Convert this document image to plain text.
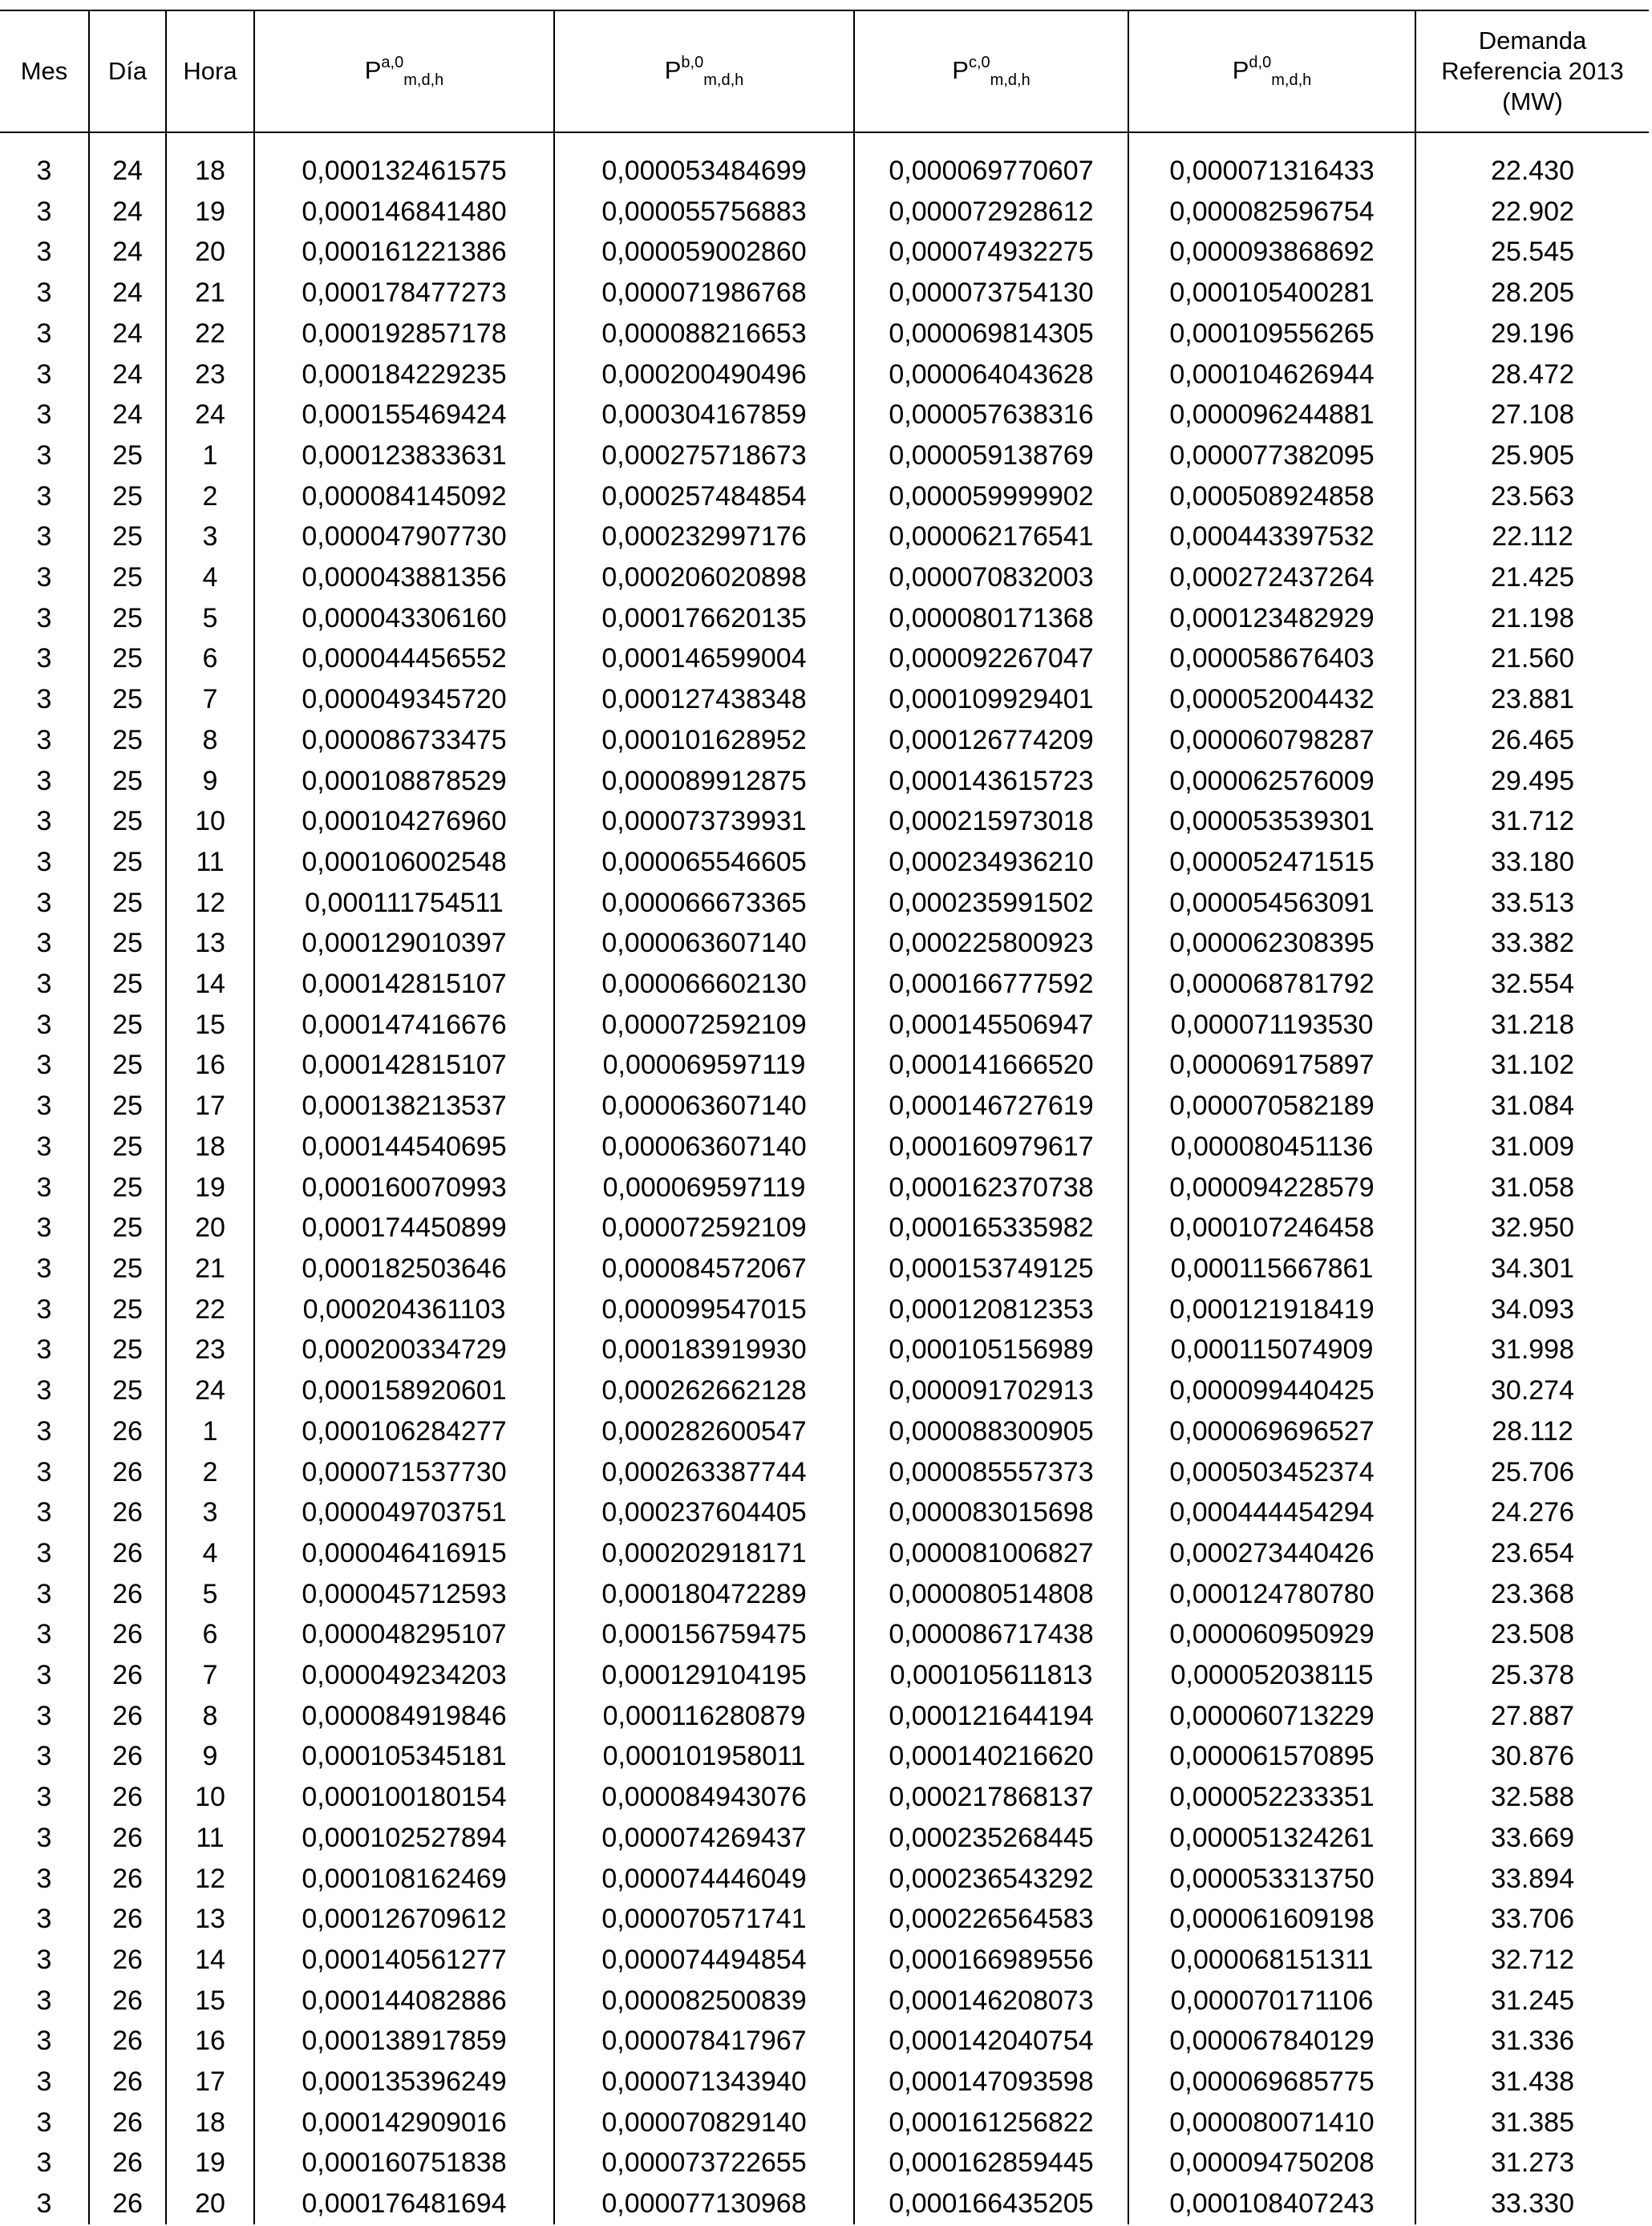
Mes	Día	Hora	P$^{a,0}_{m,d,h}$	P$^{b,0}_{m,d,h}$	P$^{c,0}_{m,d,h}$	P$^{d,0}_{m,d,h}$	Demanda
Referencia 2013
(MW)
3	24	18	0,000132461575	0,000053484699	0,000069770607	0,000071316433	22.430
3	24	19	0,000146841480	0,000055756883	0,000072928612	0,000082596754	22.902
3	24	20	0,000161221386	0,000059002860	0,000074932275	0,000093868692	25.545
3	24	21	0,000178477273	0,000071986768	0,000073754130	0,000105400281	28.205
3	24	22	0,000192857178	0,000088216653	0,000069814305	0,000109556265	29.196
3	24	23	0,000184229235	0,000200490496	0,000064043628	0,000104626944	28.472
3	24	24	0,000155469424	0,000304167859	0,000057638316	0,000096244881	27.108
3	25	1	0,000123833631	0,000275718673	0,000059138769	0,000077382095	25.905
3	25	2	0,000084145092	0,000257484854	0,000059999902	0,000508924858	23.563
3	25	3	0,000047907730	0,000232997176	0,000062176541	0,000443397532	22.112
3	25	4	0,000043881356	0,000206020898	0,000070832003	0,000272437264	21.425
3	25	5	0,000043306160	0,000176620135	0,000080171368	0,000123482929	21.198
3	25	6	0,000044456552	0,000146599004	0,000092267047	0,000058676403	21.560
3	25	7	0,000049345720	0,000127438348	0,000109929401	0,000052004432	23.881
3	25	8	0,000086733475	0,000101628952	0,000126774209	0,000060798287	26.465
3	25	9	0,000108878529	0,000089912875	0,000143615723	0,000062576009	29.495
3	25	10	0,000104276960	0,000073739931	0,000215973018	0,000053539301	31.712
3	25	11	0,000106002548	0,000065546605	0,000234936210	0,000052471515	33.180
3	25	12	0,000111754511	0,000066673365	0,000235991502	0,000054563091	33.513
3	25	13	0,000129010397	0,000063607140	0,000225800923	0,000062308395	33.382
3	25	14	0,000142815107	0,000066602130	0,000166777592	0,000068781792	32.554
3	25	15	0,000147416676	0,000072592109	0,000145506947	0,000071193530	31.218
3	25	16	0,000142815107	0,000069597119	0,000141666520	0,000069175897	31.102
3	25	17	0,000138213537	0,000063607140	0,000146727619	0,000070582189	31.084
3	25	18	0,000144540695	0,000063607140	0,000160979617	0,000080451136	31.009
3	25	19	0,000160070993	0,000069597119	0,000162370738	0,000094228579	31.058
3	25	20	0,000174450899	0,000072592109	0,000165335982	0,000107246458	32.950
3	25	21	0,000182503646	0,000084572067	0,000153749125	0,000115667861	34.301
3	25	22	0,000204361103	0,000099547015	0,000120812353	0,000121918419	34.093
3	25	23	0,000200334729	0,000183919930	0,000105156989	0,000115074909	31.998
3	25	24	0,000158920601	0,000262662128	0,000091702913	0,000099440425	30.274
3	26	1	0,000106284277	0,000282600547	0,000088300905	0,000069696527	28.112
3	26	2	0,000071537730	0,000263387744	0,000085557373	0,000503452374	25.706
3	26	3	0,000049703751	0,000237604405	0,000083015698	0,000444454294	24.276
3	26	4	0,000046416915	0,000202918171	0,000081006827	0,000273440426	23.654
3	26	5	0,000045712593	0,000180472289	0,000080514808	0,000124780780	23.368
3	26	6	0,000048295107	0,000156759475	0,000086717438	0,000060950929	23.508
3	26	7	0,000049234203	0,000129104195	0,000105611813	0,000052038115	25.378
3	26	8	0,000084919846	0,000116280879	0,000121644194	0,000060713229	27.887
3	26	9	0,000105345181	0,000101958011	0,000140216620	0,000061570895	30.876
3	26	10	0,000100180154	0,000084943076	0,000217868137	0,000052233351	32.588
3	26	11	0,000102527894	0,000074269437	0,000235268445	0,000051324261	33.669
3	26	12	0,000108162469	0,000074446049	0,000236543292	0,000053313750	33.894
3	26	13	0,000126709612	0,000070571741	0,000226564583	0,000061609198	33.706
3	26	14	0,000140561277	0,000074494854	0,000166989556	0,000068151311	32.712
3	26	15	0,000144082886	0,000082500839	0,000146208073	0,000070171106	31.245
3	26	16	0,000138917859	0,000078417967	0,000142040754	0,000067840129	31.336
3	26	17	0,000135396249	0,000071343940	0,000147093598	0,000069685775	31.438
3	26	18	0,000142909016	0,000070829140	0,000161256822	0,000080071410	31.385
3	26	19	0,000160751838	0,000073722655	0,000162859445	0,000094750208	31.273
3	26	20	0,000176481694	0,000077130968	0,000166435205	0,000108407243	33.330
